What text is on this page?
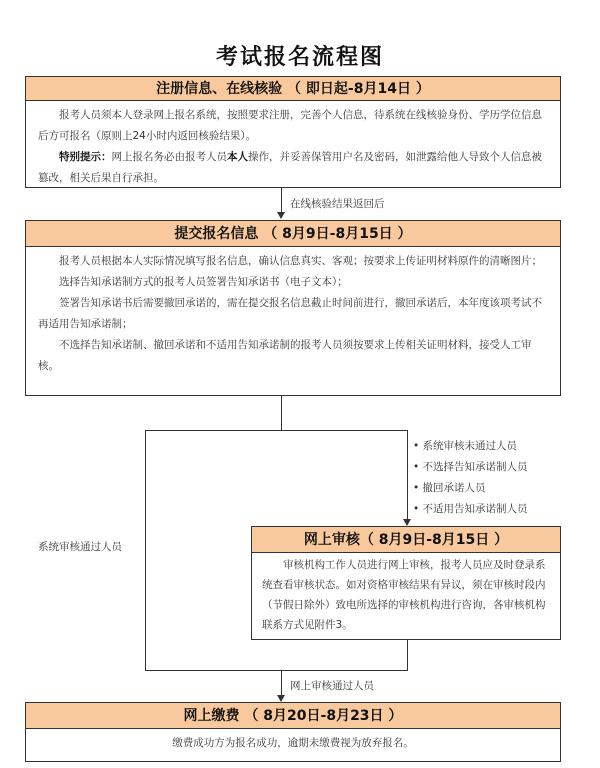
考试报名流程图
注册信息、在线核验 （ 即日起-8月14日 ）

报考人员须本人登录网上报名系统，按照要求注册，完善个人信息，待系统在线核验身份、学历学位信息后方可报名（原则上24小时内返回核验结果）。

特别提示：网上报名务必由报考人员本人操作，并妥善保管用户名及密码，如泄露给他人导致个人信息被篡改，相关后果自行承担。

在线核验结果返回后
提交报名信息 （ 8月9日-8月15日 ）

报考人员根据本人实际情况填写报名信息，确认信息真实、客观；按要求上传证明材料原件的清晰图片；

选择告知承诺制方式的报考人员签署告知承诺书（电子文本）；

签署告知承诺书后需要撤回承诺的，需在提交报名信息截止时间前进行，撤回承诺后，本年度该项考试不再适用告知承诺制；

不选择告知承诺制、撤回承诺和不适用告知承诺制的报考人员须按要求上传相关证明材料，接受人工审核。

系统审核通过人员
• 系统审核未通过人员
• 不选择告知承诺制人员
• 撤回承诺人员
• 不适用告知承诺制人员
网上审核（ 8月9日-8月15日 ）

审核机构工作人员进行网上审核，报考人员应及时登录系统查看审核状态。如对资格审核结果有异议，须在审核时段内（节假日除外）致电所选择的审核机构进行咨询，各审核机构联系方式见附件3。

网上审核通过人员
网上缴费 （ 8月20日-8月23日 ）
缴费成功方为报名成功，逾期未缴费视为放弃报名。
